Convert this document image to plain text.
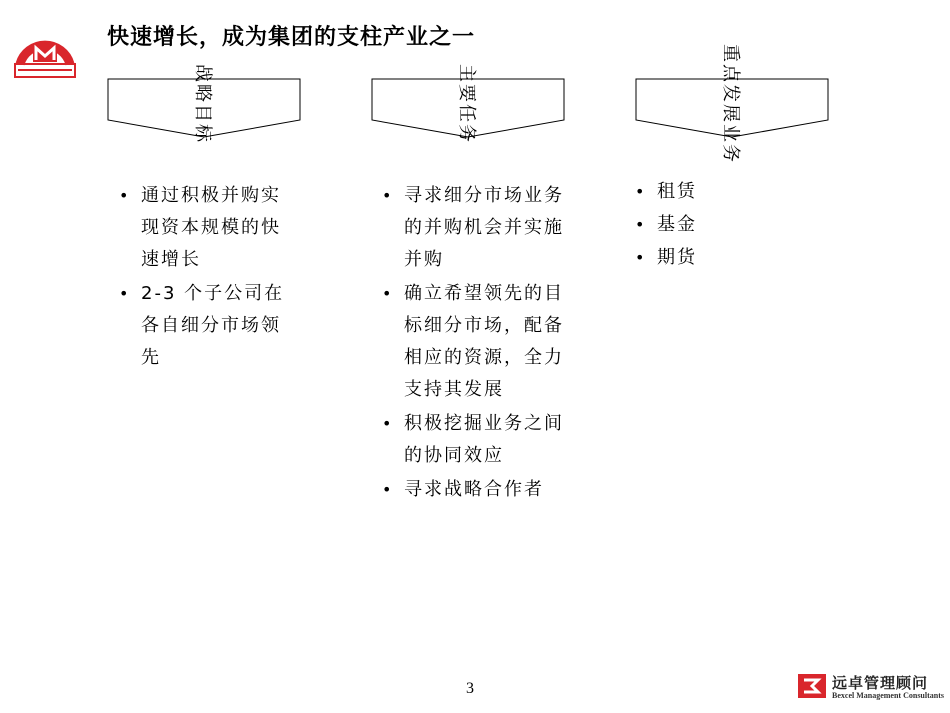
快速增长，成为集团的支柱产业之一
战略目标	主要任务	重点发展业务
• 通过积极并购实现资本规模的快速增长
• 2-3 个子公司在各自细分市场领先
• 寻求细分市场业务的并购机会并实施并购
• 确立希望领先的目标细分市场，配备相应的资源，全力支持其发展
• 积极挖掘业务之间的协同效应
• 寻求战略合作者
• 租赁
• 基金
• 期货
3	远卓管理顾问
Bexcel Management Consultants
